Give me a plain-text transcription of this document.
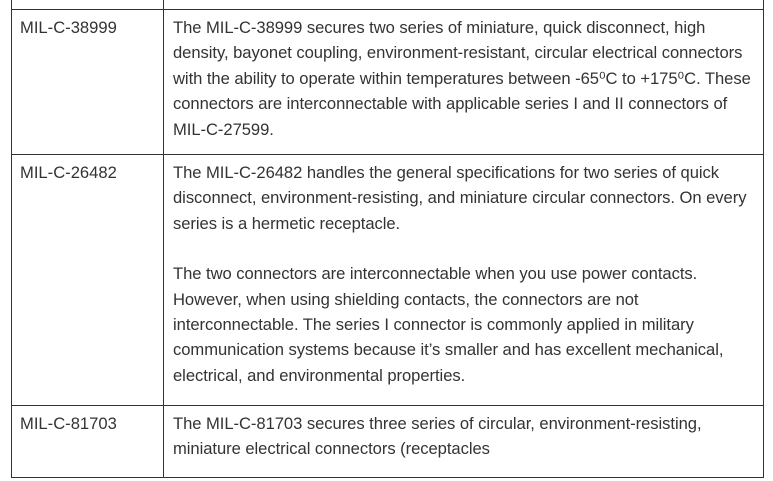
MIL-C-38999	The MIL-C-38999 secures two series of miniature, quick disconnect, high density, bayonet coupling, environment-resistant, circular electrical connectors with the ability to operate within temperatures between -65⁰C to +175⁰C. These connectors are interconnectable with applicable series I and II connectors of MIL-C-27599.

MIL-C-26482	The MIL-C-26482 handles the general specifications for two series of quick disconnect, environment-resisting, and miniature circular connectors. On every series is a hermetic receptacle.

The two connectors are interconnectable when you use power contacts. However, when using shielding contacts, the connectors are not interconnectable. The series I connector is commonly applied in military communication systems because it’s smaller and has excellent mechanical, electrical, and environmental properties.

MIL-C-81703	The MIL-C-81703 secures three series of circular, environment-resisting, miniature electrical connectors (receptacles
